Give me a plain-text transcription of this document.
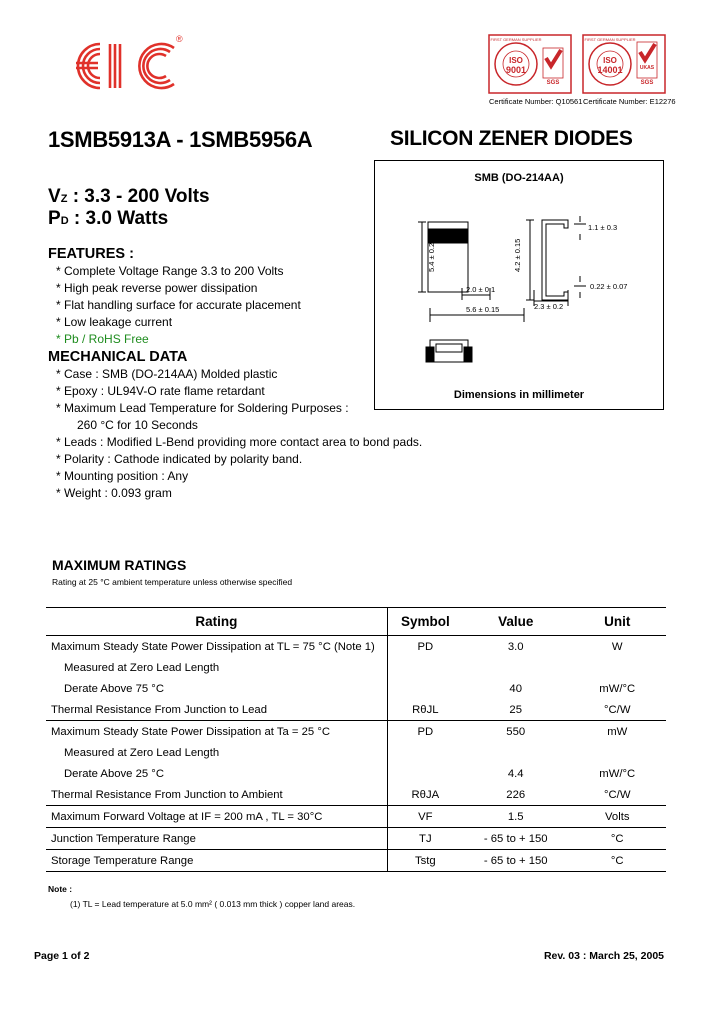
®	FIRST GERMAN SUPPLIER
ISO
9001
SGS
Certificate Number: Q10561
FIRST GERMAN SUPPLIER
ISO
14001	UKAS
SGS
Certificate Number: E12276
1SMB5913A - 1SMB5956A	SILICON ZENER DIODES
VZ : 3.3 - 200 Volts
PD : 3.0 Watts
FEATURES :
* Complete Voltage Range 3.3 to 200 Volts
* High peak reverse power dissipation
* Flat handling surface for accurate placement
* Low leakage current
* Pb / RoHS Free
MECHANICAL DATA
* Case : SMB (DO-214AA) Molded plastic
* Epoxy : UL94V-O rate flame retardant
* Maximum Lead Temperature for Soldering Purposes :
260 °C for 10 Seconds
* Leads : Modified L-Bend providing more contact area to bond pads.
* Polarity : Cathode indicated by polarity band.
* Mounting position : Any
* Weight : 0.093 gram
SMB (DO-214AA)
5.4 ± 0.2
2.0 ± 0.1
5.6 ± 0.15
4.2 ± 0.15
1.1 ± 0.3
0.22 ± 0.07
2.3 ± 0.2
Dimensions in millimeter
MAXIMUM RATINGS
Rating at 25 °C ambient temperature unless otherwise specified
Rating	Symbol	Value	Unit
Maximum Steady State Power Dissipation at TL = 75 °C (Note 1)	PD	3.0	W
Measured at Zero Lead Length			
Derate Above 75 °C		40	mW/°C
Thermal Resistance From Junction to Lead	RθJL	25	°C/W
Maximum Steady State Power Dissipation at Ta = 25 °C	PD	550	mW
Measured at Zero Lead Length			
Derate Above 25 °C		4.4	mW/°C
Thermal Resistance From Junction to Ambient	RθJA	226	°C/W
Maximum Forward Voltage at IF = 200 mA , TL = 30°C	VF	1.5	Volts
Junction Temperature Range	TJ	- 65 to + 150	°C
Storage Temperature Range	Tstg	- 65 to + 150	°C
Note :
(1) TL = Lead temperature at 5.0 mm² ( 0.013 mm thick ) copper land areas.
Page 1 of 2	Rev. 03 : March 25, 2005
